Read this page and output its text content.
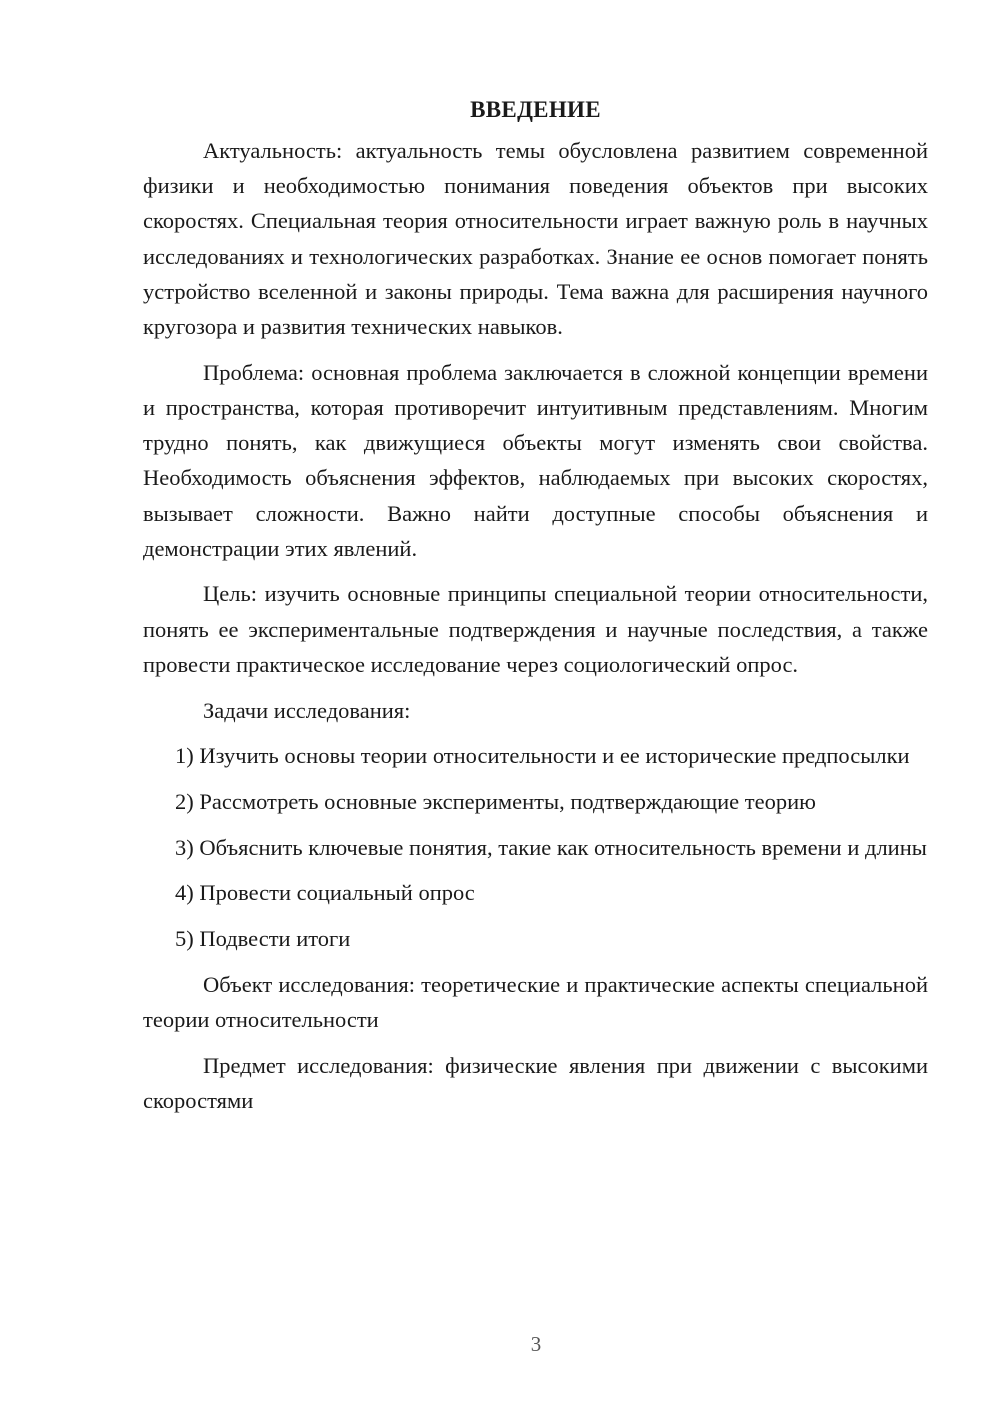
ВВЕДЕНИЕ

Актуальность: актуальность темы обусловлена развитием современной физики и необходимостью понимания поведения объектов при высоких скоростях. Специальная теория относительности играет важную роль в научных исследованиях и технологических разработках. Знание ее основ помогает понять устройство вселенной и законы природы. Тема важна для расширения научного кругозора и развития технических навыков.

Проблема: основная проблема заключается в сложной концепции времени и пространства, которая противоречит интуитивным представлениям. Многим трудно понять, как движущиеся объекты могут изменять свои свойства. Необходимость объяснения эффектов, наблюдаемых при высоких скоростях, вызывает сложности. Важно найти доступные способы объяснения и демонстрации этих явлений.

Цель: изучить основные принципы специальной теории относительности, понять ее экспериментальные подтверждения и научные последствия, а также провести практическое исследование через социологический опрос.

Задачи исследования:

1) Изучить основы теории относительности и ее исторические предпосылки

2) Рассмотреть основные эксперименты, подтверждающие теорию

3) Объяснить ключевые понятия, такие как относительность времени и длины

4) Провести социальный опрос

5) Подвести итоги

Объект исследования: теоретические и практические аспекты специальной теории относительности

Предмет исследования: физические явления при движении с высокими скоростями

3
